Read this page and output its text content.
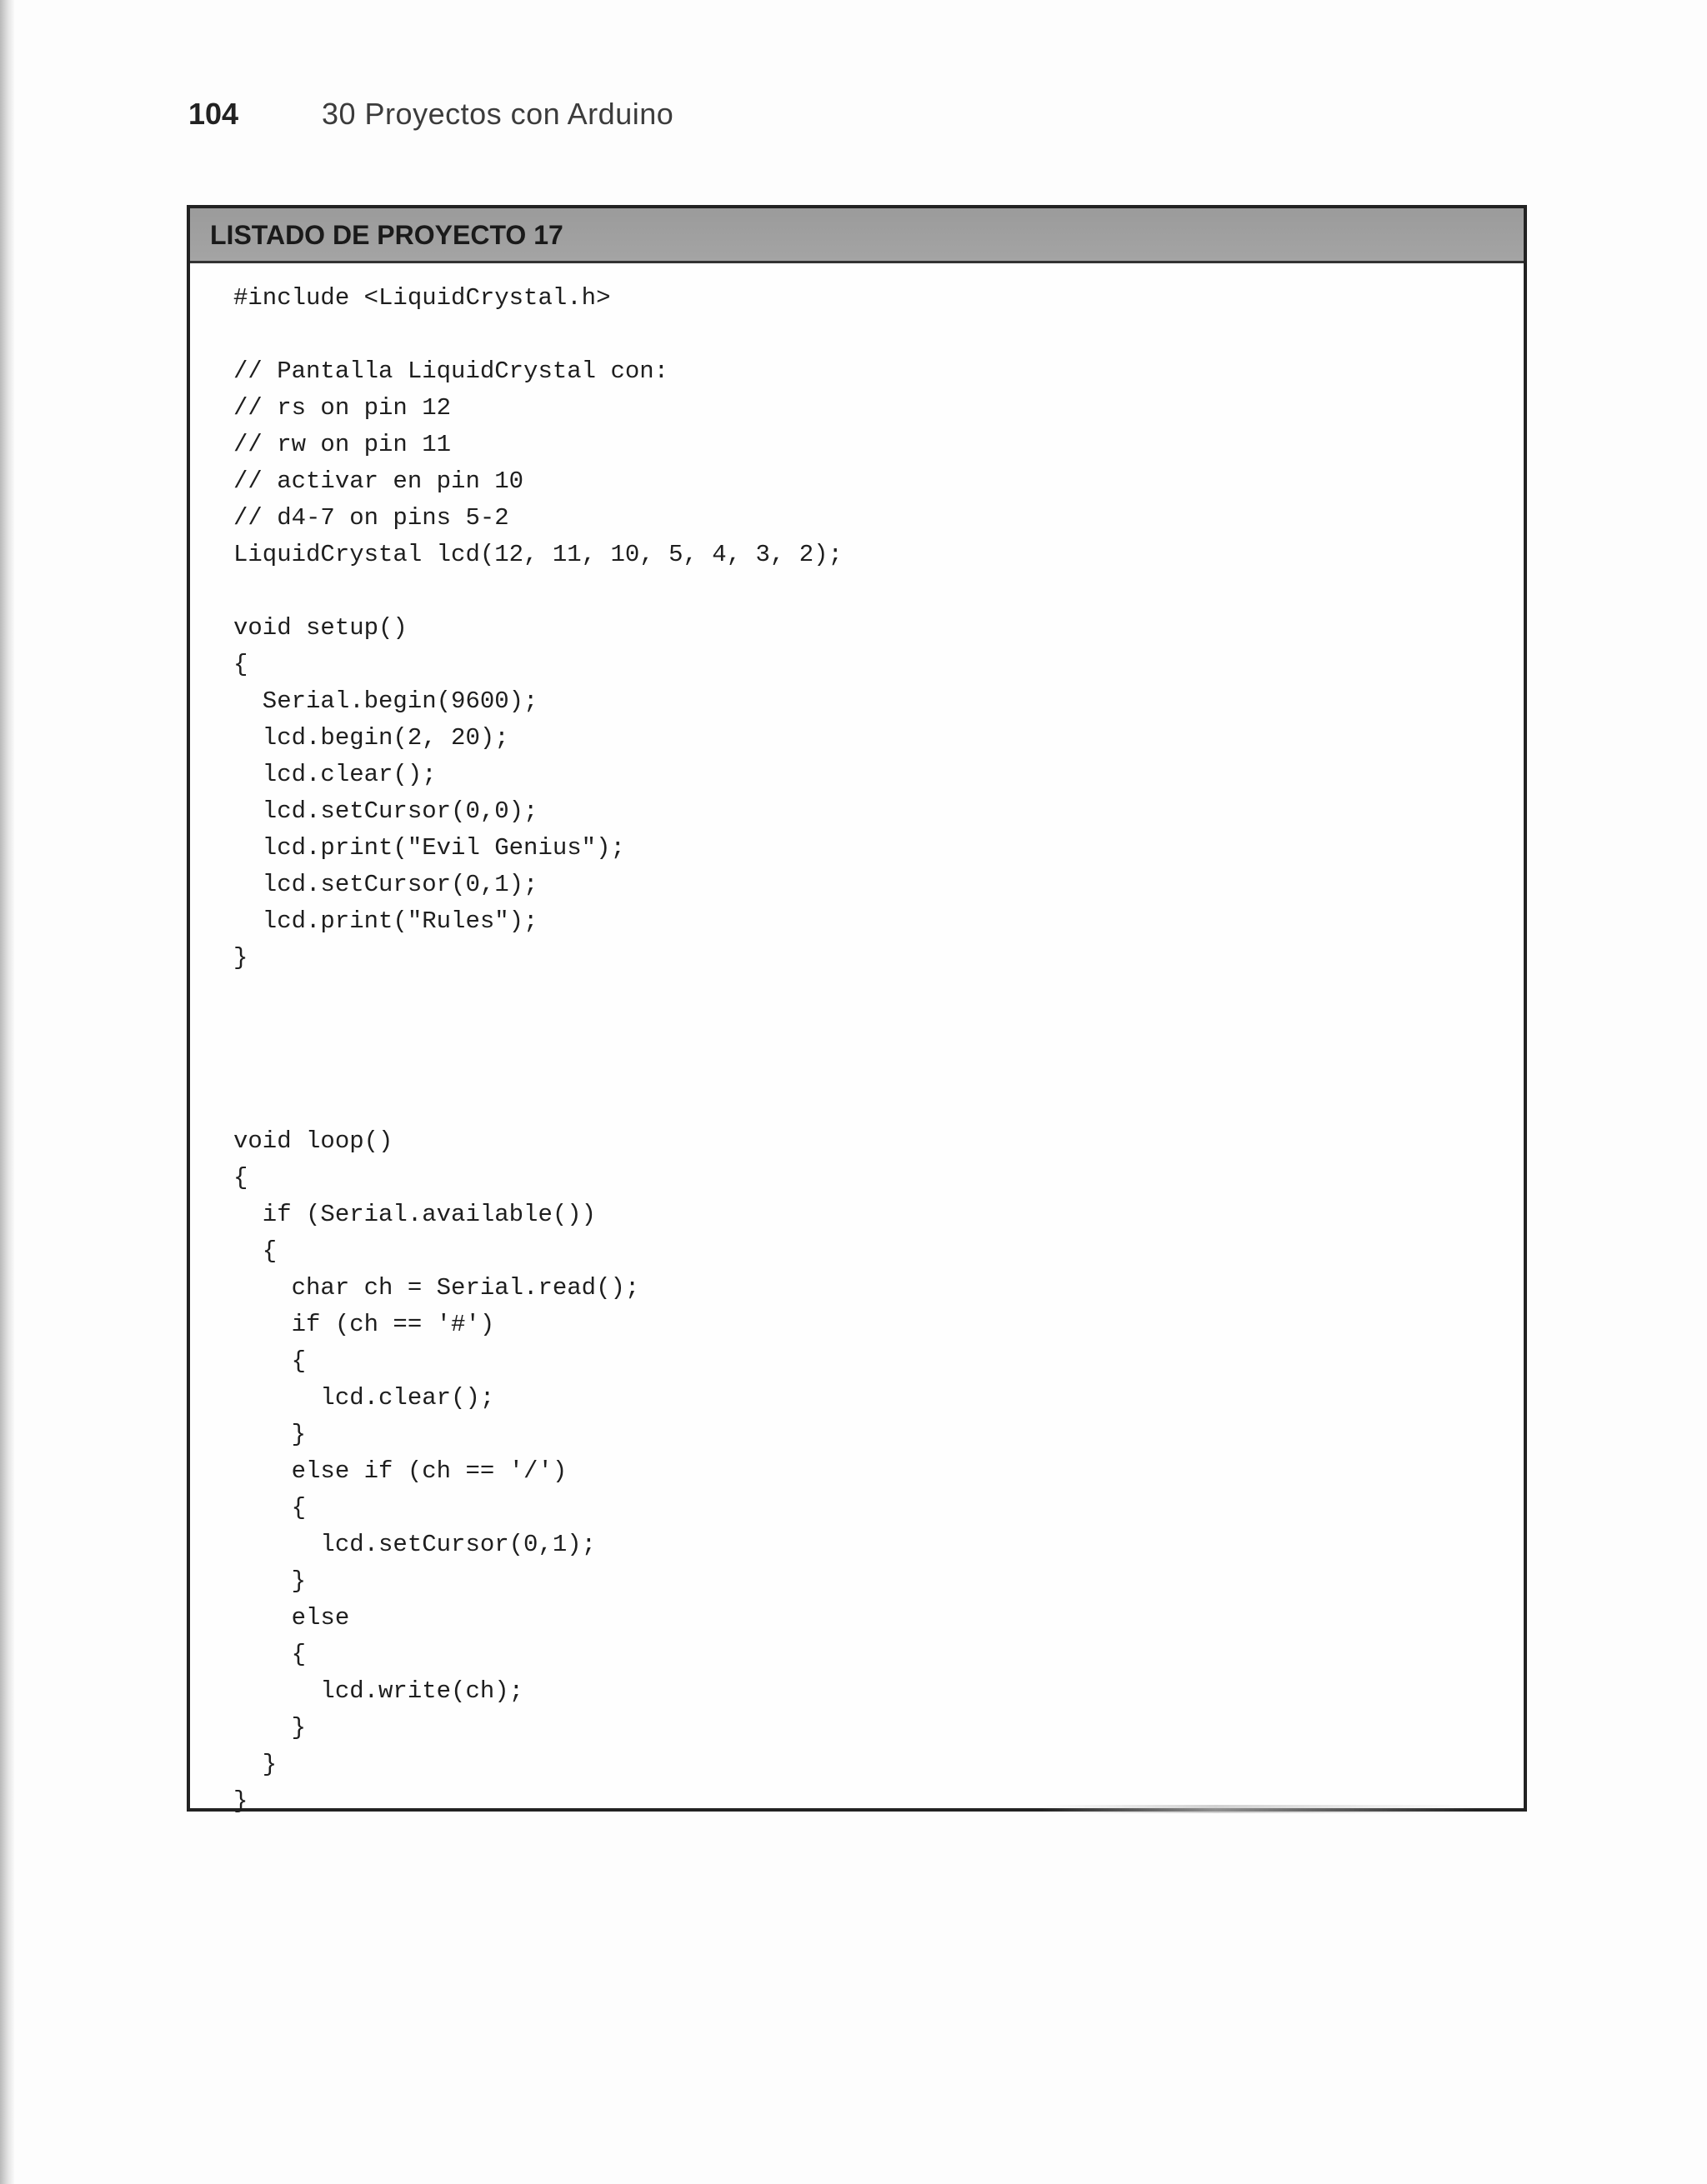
104	30 Proyectos con Arduino
LISTADO DE PROYECTO 17
#include <LiquidCrystal.h>
// Pantalla LiquidCrystal con:
// rs on pin 12
// rw on pin 11
// activar en pin 10
// d4-7 on pins 5-2
LiquidCrystal lcd(12, 11, 10, 5, 4, 3, 2);
void setup()
{
Serial.begin(9600);
lcd.begin(2, 20);
lcd.clear();
lcd.setCursor(0,0);
lcd.print("Evil Genius");
lcd.setCursor(0,1);
lcd.print("Rules");
}
void loop()
{
if (Serial.available())
{
char ch = Serial.read();
if (ch == '#')
{
lcd.clear();
}
else if (ch == '/')
{
lcd.setCursor(0,1);
}
else
{
lcd.write(ch);
}
}
}
